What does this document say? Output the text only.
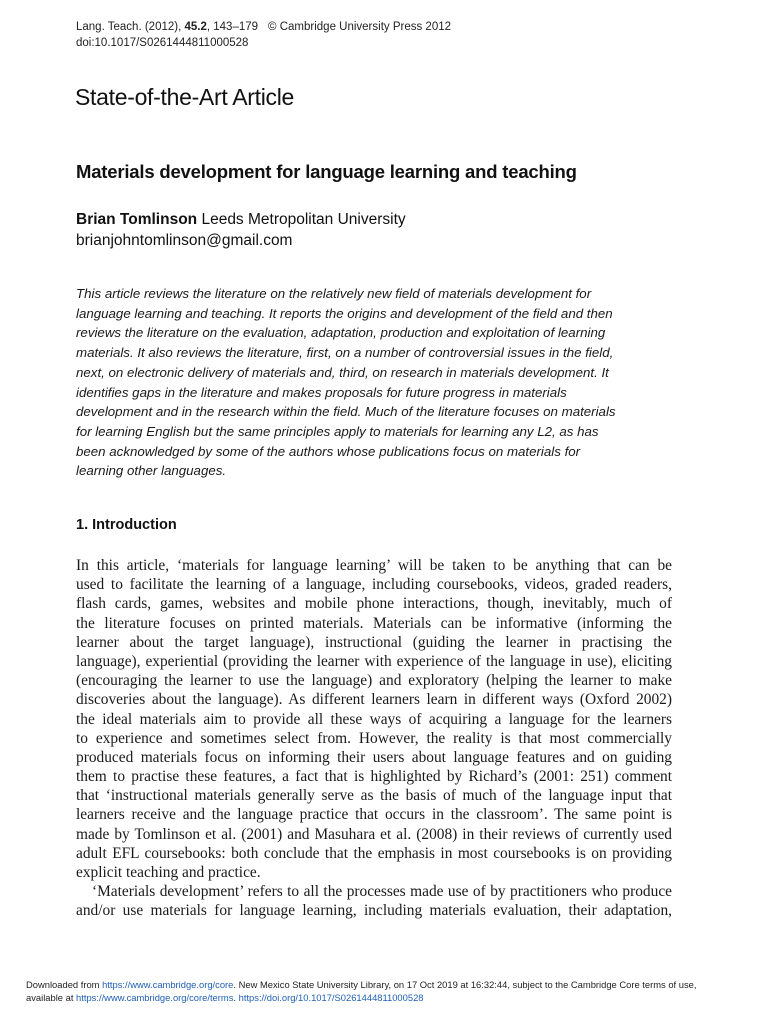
Lang. Teach. (2012), 45.2, 143–179 © Cambridge University Press 2012
doi:10.1017/S0261444811000528
State-of-the-Art Article
Materials development for language learning and teaching
Brian Tomlinson Leeds Metropolitan University
brianjohntomlinson@gmail.com
This article reviews the literature on the relatively new field of materials development for
language learning and teaching. It reports the origins and development of the field and then
reviews the literature on the evaluation, adaptation, production and exploitation of learning
materials. It also reviews the literature, first, on a number of controversial issues in the field,
next, on electronic delivery of materials and, third, on research in materials development. It
identifies gaps in the literature and makes proposals for future progress in materials
development and in the research within the field. Much of the literature focuses on materials
for learning English but the same principles apply to materials for learning any L2, as has
been acknowledged by some of the authors whose publications focus on materials for
learning other languages.
1. Introduction
In this article, ‘materials for language learning’ will be taken to be anything that can be
used to facilitate the learning of a language, including coursebooks, videos, graded readers,
flash cards, games, websites and mobile phone interactions, though, inevitably, much of
the literature focuses on printed materials. Materials can be informative (informing the
learner about the target language), instructional (guiding the learner in practising the
language), experiential (providing the learner with experience of the language in use), eliciting
(encouraging the learner to use the language) and exploratory (helping the learner to make
discoveries about the language). As different learners learn in different ways (Oxford 2002)
the ideal materials aim to provide all these ways of acquiring a language for the learners
to experience and sometimes select from. However, the reality is that most commercially
produced materials focus on informing their users about language features and on guiding
them to practise these features, a fact that is highlighted by Richard’s (2001: 251) comment
that ‘instructional materials generally serve as the basis of much of the language input that
learners receive and the language practice that occurs in the classroom’. The same point is
made by Tomlinson et al. (2001) and Masuhara et al. (2008) in their reviews of currently used
adult EFL coursebooks: both conclude that the emphasis in most coursebooks is on providing
explicit teaching and practice.
‘Materials development’ refers to all the processes made use of by practitioners who produce
and/or use materials for language learning, including materials evaluation, their adaptation,
Downloaded from https://www.cambridge.org/core. New Mexico State University Library, on 17 Oct 2019 at 16:32:44, subject to the Cambridge Core terms of use,
available at https://www.cambridge.org/core/terms. https://doi.org/10.1017/S0261444811000528
